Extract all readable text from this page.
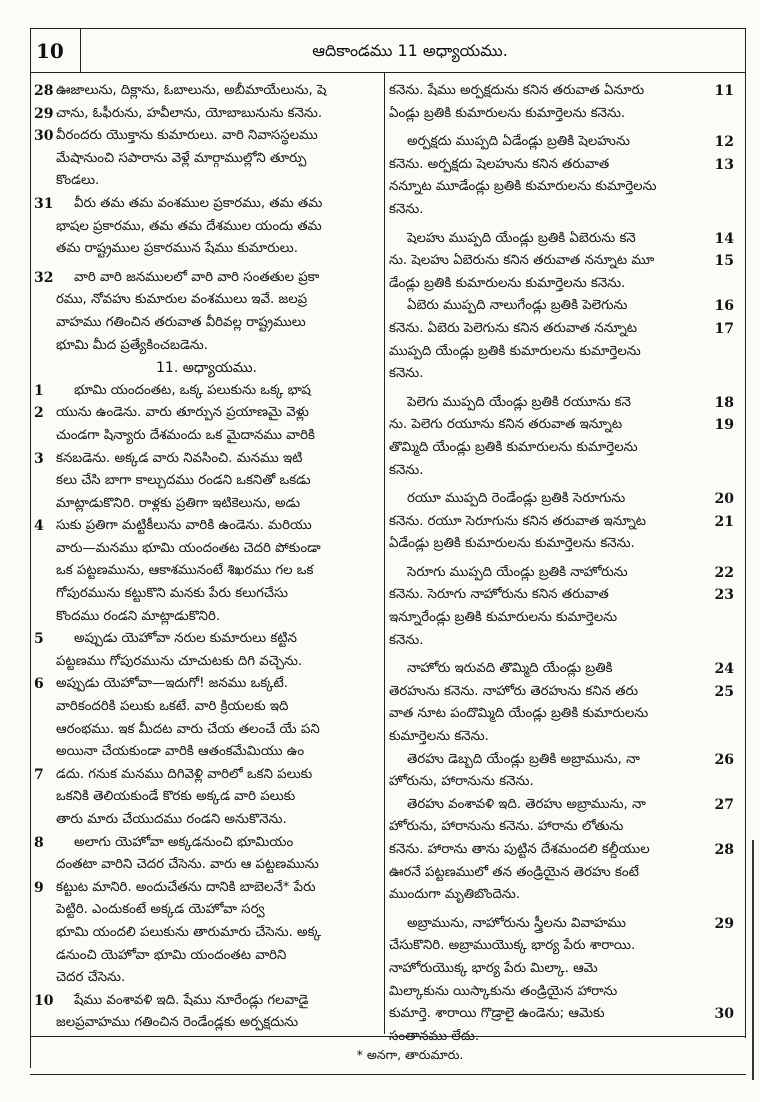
10	ఆదికాండము 11 అధ్యాయము.
28 ఊజాలును, దిక్లాను, ఓబాలును, అబీమాయేలును, షె
29 చాను, ఓఫీరును, హవీలాను, యోబాబునును కనెను.
30 వీరందరు యొక్తాను కుమారులు. వారి నివాసస్థలము
మేషానుంచి సపారాను వెళ్లే మార్గాముల్లోని తూర్పు
కొండలు.
31	వీరు తమ తమ వంశముల ప్రకారము, తమ తమ
భాషల ప్రకారము, తమ తమ దేశముల యందు తమ
తమ రాష్ట్రముల ప్రకారమున షేము కుమారులు.
32	వారి వారి జనములలో వారి వారి సంతతుల ప్రకా
రము, నోవహు కుమారుల వంశములు ఇవే. జలప్ర
వాహము గతించిన తరువాత వీరివల్ల రాష్ట్రములు
భూమి మీద ప్రత్యేకించబడెను.
11. అధ్యాయము.
1	భూమి యందంతట, ఒక్క పలుకును ఒక్క భాష
2 యును ఉండెను. వారు తూర్పున ప్రయాణమై వెళ్లు
చుండగా షిన్యారు దేశమందు ఒక మైదానము వారికి
3 కనబడెను. అక్కడ వారు నివసించి. మనము ఇటి
కలు చేసి బాగా కాల్చుదము రండని ఒకనితో ఒకడు
మాట్లాడుకొనిరి. రాళ్లకు ప్రతిగా ఇటికెలును, అడు
4 సుకు ప్రతిగా మట్టికీలును వారికి ఉండెను. మరియు
వారు—మనము భూమి యందంతట చెదరి పోకుండా
ఒక పట్టణమును, ఆకాశమునంటే శిఖరము గల ఒక
గోపురమును కట్టుకొని మనకు పేరు కలుగచేసు
కొందము రండని మాట్లాడుకొనిరి.
5	అప్పుడు యెహోవా నరుల కుమారులు కట్టిన
పట్టణము గోపురమును చూచుటకు దిగి వచ్చెను.
6 అప్పుడు యెహోవా—ఇదుగో! జనము ఒక్కటే.
వారికందరికి పలుకు ఒకటే. వారి క్రియలకు ఇది
ఆరంభము. ఇక మీదట వారు చేయ తలంచే యే పని
అయినా చేయకుండా వారికి ఆతంకమేమియు ఉం
7 డదు. గనుక మనము దిగివెళ్లి వారిలో ఒకని పలుకు
ఒకనికి తెలియకుండే కొరకు అక్కడ వారి పలుకు
తారు మారు చేయుదము రండని అనుకొనెను.
8	అలాగు యెహోవా అక్కడనుంచి భూమియం
దంతటా వారిని చెదర చేసెను. వారు ఆ పట్టణమును
9 కట్టుట మానిరి. అందుచేతను దానికి బాబెలనే* పేరు
పెట్టిరి. ఎందుకంటే అక్కడ యెహోవా సర్వ
భూమి యందలి పలుకును తారుమారు చేసెను. అక్క
డనుంచి యెహోవా భూమి యందంతట వారిని
చెదర చేసెను.
10	షేము వంశావళి ఇది. షేము నూరేండ్లు గలవాడై
జలప్రవాహము గతించిన రెండేండ్లకు అర్పక్షదును
11
కనెను. షేము అర్పక్షదును కనిన తరువాత ఏనూరు
ఏండ్లు బ్రతికి కుమారులను కుమార్తెలను కనెను.
12
అర్పక్షదు ముప్పది ఏడేండ్లు బ్రతికి షెలహును
13
కనెను. అర్పక్షదు షెలహును కనిన తరువాత
నన్నూట మూడేండ్లు బ్రతికి కుమారులను కుమార్తెలను
కనెను.
14
షెలహు ముప్పది యేండ్లు బ్రతికి ఏబెరును కనె
15
ను. షెలహు ఏబెరును కనిన తరువాత నన్నూట మూ
డేండ్లు బ్రతికి కుమారులను కుమార్తెలను కనెను.
16
ఏబెరు ముప్పది నాలుగేండ్లు బ్రతికి పెలెగును
17
కనెను. ఏబెరు పెలెగును కనిన తరువాత నన్నూట
ముప్పది యేండ్లు బ్రతికి కుమారులను కుమార్తెలను
కనెను.
18
పెలెగు ముప్పది యేండ్లు బ్రతికి రయూను కనె
19
ను. పెలెగు రయూను కనిన తరువాత ఇన్నూట
తొమ్మిది యేండ్లు బ్రతికి కుమారులను కుమార్తెలను
కనెను.
20
రయూ ముప్పది రెండేండ్లు బ్రతికి సెరూగును
21
కనెను. రయూ సెరూగును కనిన తరువాత ఇన్నూట
ఏడేండ్లు బ్రతికి కుమారులను కుమార్తెలను కనెను.
22
సెరూగు ముప్పది యేండ్లు బ్రతికి నాహోరును
23
కనెను. సెరూగు నాహోరును కనిన తరువాత
ఇన్నూరేండ్లు బ్రతికి కుమారులను కుమార్తెలను
కనెను.
24
నాహోరు ఇరువది తొమ్మిది యేండ్లు బ్రతికి
25
తెరహును కనెను. నాహోరు తెరహును కనిన తరు
వాత నూట పందొమ్మిది యేండ్లు బ్రతికి కుమారులను
కుమార్తెలను కనెను.
26
తెరహు డెబ్బది యేండ్లు బ్రతికి అబ్రామును, నా
హోరును, హారానును కనెను.
27
తెరహు వంశావళి ఇది. తెరహు అబ్రామును, నా
హోరును, హారానును కనెను. హారాను లోతును
28
కనెను. హారాను తాను పుట్టిన దేశమందలి కల్దీయుల
ఊరనే పట్టణములో తన తండ్రియైన తెరహు కంటే
ముందుగా మృతిబొందెను.
29
అబ్రామును, నాహోరును స్త్రీలను వివాహము
చేసుకొనిరి. అబ్రాముయొక్క భార్య పేరు శారాయి.
నాహోరుయొక్క భార్య పేరు మిల్కా. ఆమె
మిల్కాకును యిస్కాకును తండ్రియైన హారాను
30
కుమార్తె. శారాయి గొడ్రాలై ఉండెను; ఆమెకు
సంతానము లేదు.
* అనగా, తారుమారు.
